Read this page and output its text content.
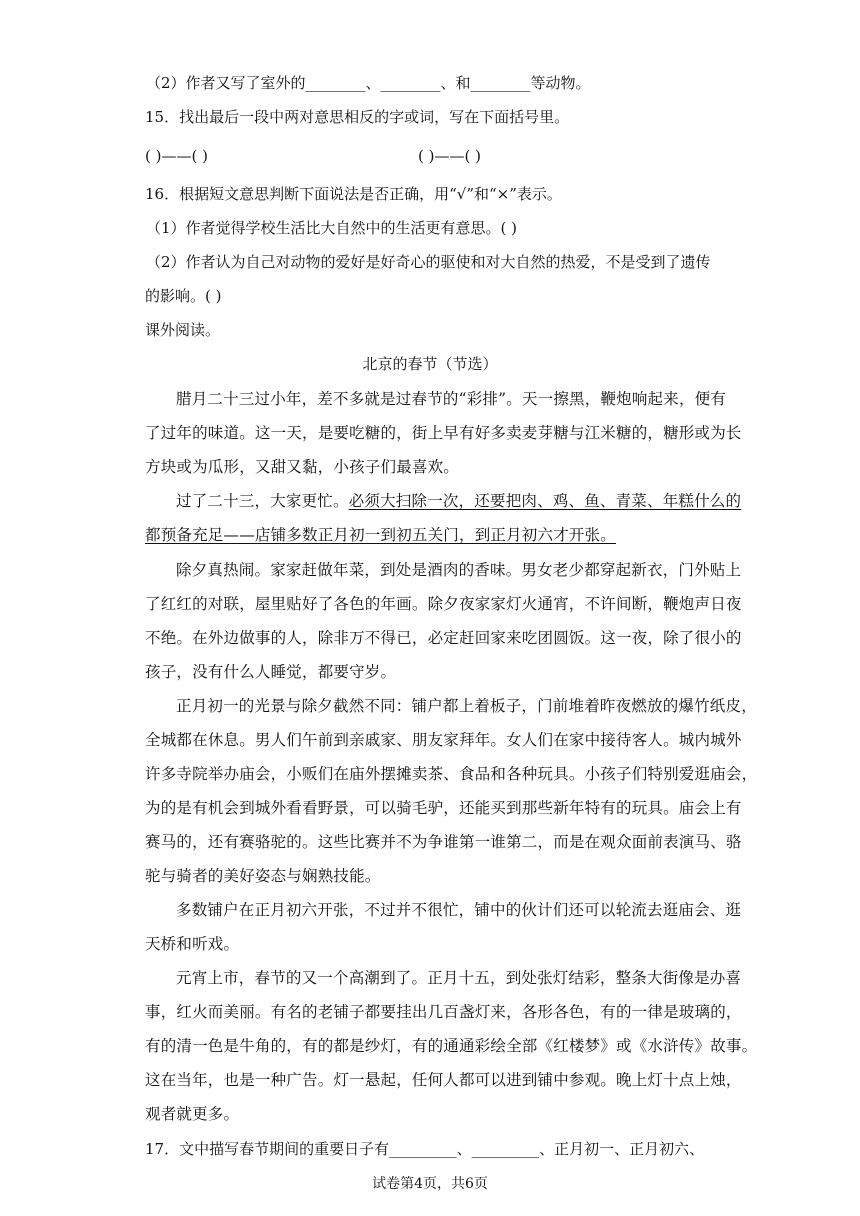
（2）作者又写了室外的________、________、和________等动物。
15．找出最后一段中两对意思相反的字或词，写在下面括号里。
( )——( )	( )——( )
16．根据短文意思判断下面说法是否正确，用“√”和“×”表示。
（1）作者觉得学校生活比大自然中的生活更有意思。( )
（2）作者认为自己对动物的爱好是好奇心的驱使和对大自然的热爱，不是受到了遗传
的影响。( )
课外阅读。
北京的春节（节选）
腊月二十三过小年，差不多就是过春节的“彩排”。天一擦黑，鞭炮响起来，便有
了过年的味道。这一天，是要吃糖的，街上早有好多卖麦芽糖与江米糖的，糖形或为长
方块或为瓜形，又甜又黏，小孩子们最喜欢。
过了二十三，大家更忙。必须大扫除一次，还要把肉、鸡、鱼、青菜、年糕什么的
都预备充足——店铺多数正月初一到初五关门，到正月初六才开张。
除夕真热闹。家家赶做年菜，到处是酒肉的香味。男女老少都穿起新衣，门外贴上
了红红的对联，屋里贴好了各色的年画。除夕夜家家灯火通宵，不许间断，鞭炮声日夜
不绝。在外边做事的人，除非万不得已，必定赶回家来吃团圆饭。这一夜，除了很小的
孩子，没有什么人睡觉，都要守岁。
正月初一的光景与除夕截然不同：铺户都上着板子，门前堆着昨夜燃放的爆竹纸皮，
全城都在休息。男人们午前到亲戚家、朋友家拜年。女人们在家中接待客人。城内城外
许多寺院举办庙会，小贩们在庙外摆摊卖茶、食品和各种玩具。小孩子们特别爱逛庙会，
为的是有机会到城外看看野景，可以骑毛驴，还能买到那些新年特有的玩具。庙会上有
赛马的，还有赛骆驼的。这些比赛并不为争谁第一谁第二，而是在观众面前表演马、骆
驼与骑者的美好姿态与娴熟技能。
多数铺户在正月初六开张，不过并不很忙，铺中的伙计们还可以轮流去逛庙会、逛
天桥和听戏。
元宵上市，春节的又一个高潮到了。正月十五，到处张灯结彩，整条大街像是办喜
事，红火而美丽。有名的老铺子都要挂出几百盏灯来，各形各色，有的一律是玻璃的，
有的清一色是牛角的，有的都是纱灯，有的通通彩绘全部《红楼梦》或《水浒传》故事。
这在当年，也是一种广告。灯一悬起，任何人都可以进到铺中参观。晚上灯十点上烛，
观者就更多。
17．文中描写春节期间的重要日子有_________、_________、正月初一、正月初六、
试卷第4页，共6页
